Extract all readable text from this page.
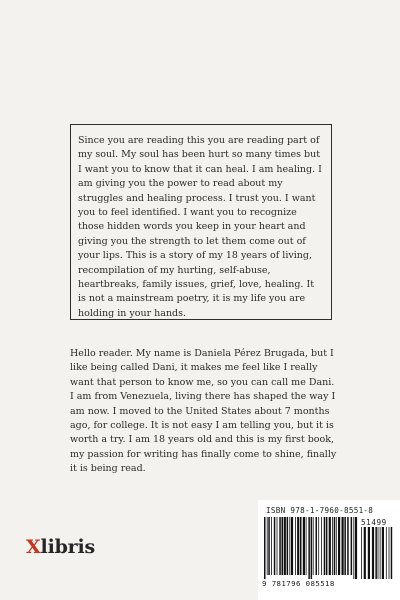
Since you are reading this you are reading part of my soul. My soul has been hurt so many times but I want you to know that it can heal. I am healing. I am giving you the power to read about my struggles and healing process. I trust you. I want you to feel identified. I want you to recognize those hidden words you keep in your heart and giving you the strength to let them come out of your lips. This is a story of my 18 years of living, recompilation of my hurting, self-abuse, heartbreaks, family issues, grief, love, healing. It is not a mainstream poetry, it is my life you are holding in your hands.

Hello reader. My name is Daniela Pérez Brugada, but I like being called Dani, it makes me feel like I really want that person to know me, so you can call me Dani. I am from Venezuela, living there has shaped the way I am now. I moved to the United States about 7 months ago, for college. It is not easy I am telling you, but it is worth a try. I am 18 years old and this is my first book, my passion for writing has finally come to shine, finally it is being read.

Xlibris
ISBN 978-1-7960-8551-8
51499
9 781796 085518
